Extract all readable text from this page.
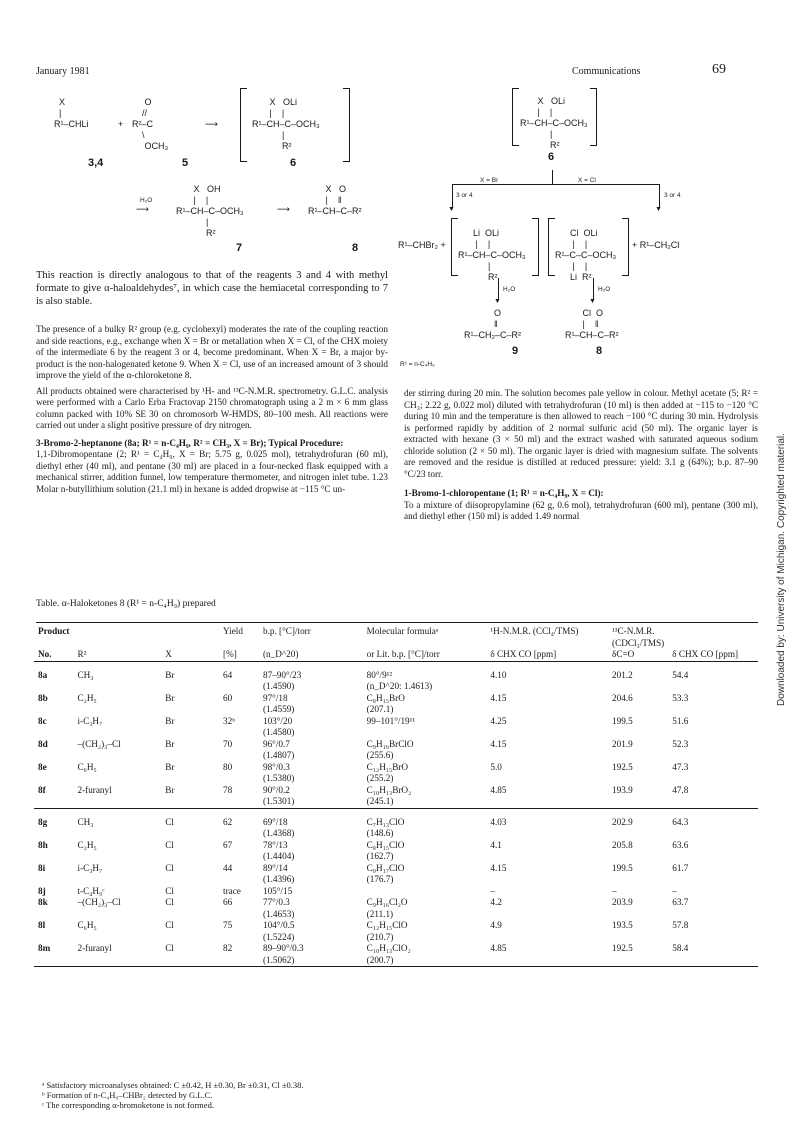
January 1981	Communications	69
Downloaded by: University of Michigan. Copyrighted material.
X
|
R¹–CHLi	+
O
//
R²–C
\
OCH₃
⟶
X   OLi
|    |
R¹–CH–C–OCH₃
|
R²
3,4	5	6
H₂O
⟶
X   OH
|    |
R¹–CH–C–OCH₃
|
R²
⟶
X   O
|    ‖
R¹–CH–C–R²
7	8
X   OLi
|    |
R¹–CH–C–OCH₃
|
R²
6
X = Br	X = Cl
3 or 4	3 or 4
▼	▼
R¹–CHBr₂ +
Li  OLi
|    |
R¹–CH–C–OCH₃
|
R²
Cl  OLi
|    |
R¹–C–C–OCH₃
|    |
Li  R²
+ R¹–CH₂Cl
▼
H₂O
▼
H₂O
O
‖
R¹–CH₂–C–R²
Cl  O
|    ‖
R¹–CH–C–R²
9	8
R¹ = n-C₄H₉

This reaction is directly analogous to that of the reagents 3 and 4 with methyl formate to give α-haloaldehydes⁷, in which case the hemiacetal corresponding to 7 is also stable.

The presence of a bulky R² group (e.g. cyclohexyl) moderates the rate of the coupling reaction and side reactions, e.g., exchange when X = Br or metallation when X = Cl, of the CHX moiety of the intermediate 6 by the reagent 3 or 4, become predominant. When X = Br, a major by-product is the non-halogenated ketone 9. When X = Cl, use of an increased amount of 3 should improve the yield of the α-chloroketone 8.

All products obtained were characterised by ¹H- and ¹³C-N.M.R. spectrometry. G.L.C. analysis were performed with a Carlo Erba Fractovap 2150 chromatograph using a 2 m × 6 mm glass column packed with 10% SE 30 on chromosorb W-HMDS, 80–100 mesh. All reactions were carried out under a slight positive pressure of dry nitrogen.

3-Bromo-2-heptanone (8a; R¹ = n-C₄H₉, R² = CH₃, X = Br); Typical Procedure:
1,1-Dibromopentane (2; R¹ = C₄H₉, X = Br; 5.75 g, 0.025 mol), tetrahydrofuran (60 ml), diethyl ether (40 ml), and pentane (30 ml) are placed in a four-necked flask equipped with a mechanical stirrer, addition funnel, low temperature thermometer, and nitrogen inlet tube. 1.23 Molar n-butyllithium solution (21.1 ml) in hexane is added dropwise at −115 °C un-

der stirring during 20 min. The solution becomes pale yellow in colour. Methyl acetate (5; R² = CH₃; 2.22 g, 0.022 mol) diluted with tetrahydrofuran (10 ml) is then added at −115 to −120 °C during 10 min and the temperature is then allowed to reach −100 °C during 30 min. Hydrolysis is performed rapidly by addition of 2 normal sulfuric acid (50 ml). The organic layer is extracted with hexane (3 × 50 ml) and the extract washed with saturated aqueous sodium chloride solution (2 × 50 ml). The organic layer is dried with magnesium sulfate. The solvents are removed and the residue is distilled at reduced pressure: yield: 3.1 g (64%); b.p. 87–90 °C/23 torr.

1-Bromo-1-chloropentane (1; R¹ = n-C₄H₉, X = Cl):
To a mixture of diisopropylamine (62 g, 0.6 mol), tetrahydrofuran (600 ml), pentane (300 ml), and diethyl ether (150 ml) is added 1.49 normal

Table. α-Haloketones 8 (R¹ = n-C₄H₉) prepared
Product			Yield	b.p. [°C]/torr	Molecular formulaᵃ	¹H-N.M.R. (CCl₄/TMS)	¹³C-N.M.R. (CDCl₃/TMS)	
No.	R²	X	[%]	(n_D^20)	or Lit. b.p. [°C]/torr	δ CHX CO [ppm]	δC=O	δ CHX CO [ppm]
8a	CH₃	Br	64	87–90°/23	80°/9¹²	4.10	201.2	54.4
				(1.4590)	(n_D^20: 1.4613)			
8b	C₂H₅	Br	60	97°/18	C₈H₁₅BrO	4.15	204.6	53.3
				(1.4559)	(207.1)			
8c	i-C₃H₇	Br	32ᵇ	103°/20	99–101°/19¹¹	4.25	199.5	51.6
				(1.4580)				
8d	–(CH₂)₃–Cl	Br	70	96°/0.7	C₉H₁₆BrClO	4.15	201.9	52.3
				(1.4807)	(255.6)			
8e	C₆H₅	Br	80	98°/0.3	C₁₂H₁₅BrO	5.0	192.5	47.3
				(1.5380)	(255.2)			
8f	2-furanyl	Br	78	90°/0.2	C₁₀H₁₃BrO₂	4.85	193.9	47.8
				(1.5301)	(245.1)			
8g	CH₃	Cl	62	69°/18	C₇H₁₃ClO	4.03	202.9	64.3
				(1.4368)	(148.6)			
8h	C₂H₅	Cl	67	78°/13	C₈H₁₅ClO	4.1	205.8	63.6
				(1.4404)	(162.7)			
8i	i-C₃H₇	Cl	44	89°/14	C₉H₁₇ClO	4.15	199.5	61.7
				(1.4396)	(176.7)			
8j	t-C₄H₉ᶜ	Cl	trace	105°/15		–	–	–
8k	–(CH₂)₃–Cl	Cl	66	77°/0.3	C₉H₁₆Cl₂O	4.2	203.9	63.7
				(1.4653)	(211.1)			
8l	C₆H₅	Cl	75	104°/0.5	C₁₂H₁₅ClO	4.9	193.5	57.8
				(1.5224)	(210.7)			
8m	2-furanyl	Cl	82	89–90°/0.3	C₁₀H₁₃ClO₂	4.85	192.5	58.4
				(1.5062)	(200.7)			
ᵃ Satisfactory microanalyses obtained: C ±0.42, H ±0.30, Br ±0.31, Cl ±0.38.
ᵇ Formation of n-C₄H₉–CHBr₂ detected by G.L.C.
ᶜ The corresponding α-bromoketone is not formed.
